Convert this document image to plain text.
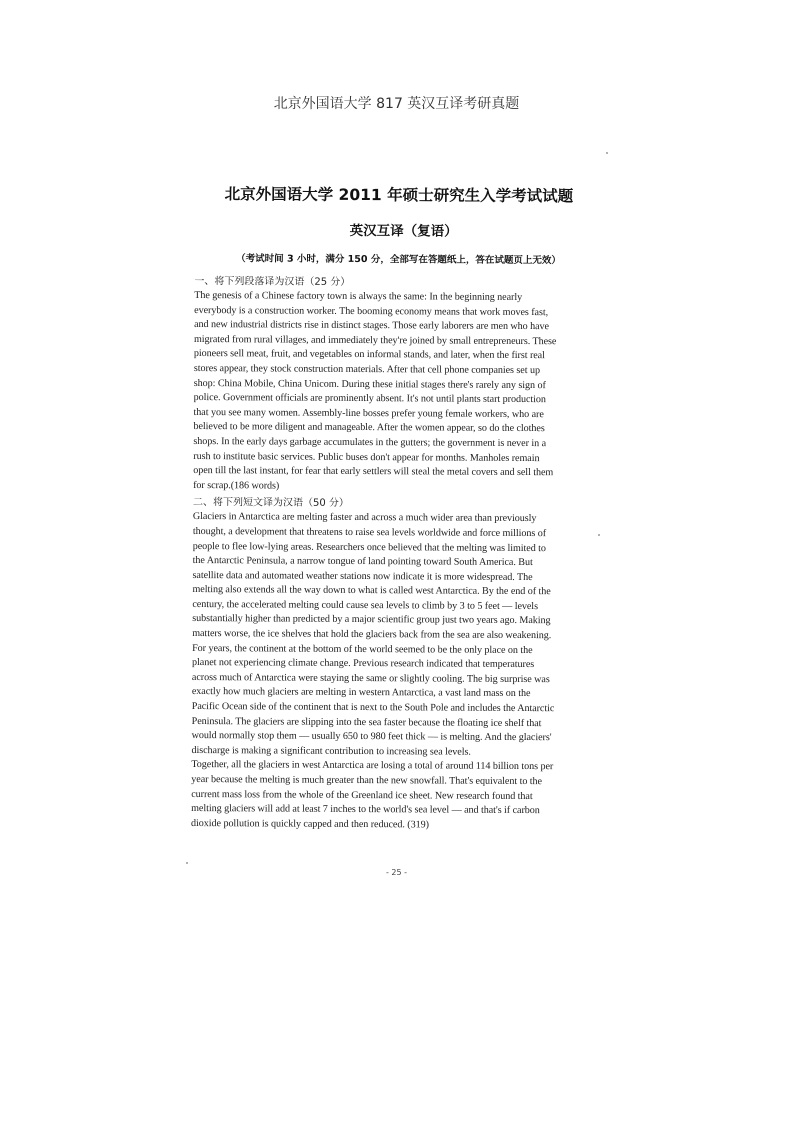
北京外国语大学 817 英汉互译考研真题
北京外国语大学 2011 年硕士研究生入学考试试题
英汉互译（复语）
（考试时间 3 小时，满分 150 分，全部写在答题纸上，答在试题页上无效）
一、将下列段落译为汉语（25 分）
The genesis of a Chinese factory town is always the same: In the beginning nearly
everybody is a construction worker. The booming economy means that work moves fast,
and new industrial districts rise in distinct stages. Those early laborers are men who have
migrated from rural villages, and immediately they're joined by small entrepreneurs. These
pioneers sell meat, fruit, and vegetables on informal stands, and later, when the first real
stores appear, they stock construction materials. After that cell phone companies set up
shop: China Mobile, China Unicom. During these initial stages there's rarely any sign of
police. Government officials are prominently absent. It's not until plants start production
that you see many women. Assembly-line bosses prefer young female workers, who are
believed to be more diligent and manageable. After the women appear, so do the clothes
shops. In the early days garbage accumulates in the gutters; the government is never in a
rush to institute basic services. Public buses don't appear for months. Manholes remain
open till the last instant, for fear that early settlers will steal the metal covers and sell them
for scrap.(186 words)
二、将下列短文译为汉语（50 分）
Glaciers in Antarctica are melting faster and across a much wider area than previously
thought, a development that threatens to raise sea levels worldwide and force millions of
people to flee low-lying areas. Researchers once believed that the melting was limited to
the Antarctic Peninsula, a narrow tongue of land pointing toward South America. But
satellite data and automated weather stations now indicate it is more widespread. The
melting also extends all the way down to what is called west Antarctica. By the end of the
century, the accelerated melting could cause sea levels to climb by 3 to 5 feet — levels
substantially higher than predicted by a major scientific group just two years ago. Making
matters worse, the ice shelves that hold the glaciers back from the sea are also weakening.
For years, the continent at the bottom of the world seemed to be the only place on the
planet not experiencing climate change. Previous research indicated that temperatures
across much of Antarctica were staying the same or slightly cooling. The big surprise was
exactly how much glaciers are melting in western Antarctica, a vast land mass on the
Pacific Ocean side of the continent that is next to the South Pole and includes the Antarctic
Peninsula. The glaciers are slipping into the sea faster because the floating ice shelf that
would normally stop them — usually 650 to 980 feet thick — is melting. And the glaciers'
discharge is making a significant contribution to increasing sea levels.
Together, all the glaciers in west Antarctica are losing a total of around 114 billion tons per
year because the melting is much greater than the new snowfall. That's equivalent to the
current mass loss from the whole of the Greenland ice sheet. New research found that
melting glaciers will add at least 7 inches to the world's sea level — and that's if carbon
dioxide pollution is quickly capped and then reduced. (319)
- 25 -
